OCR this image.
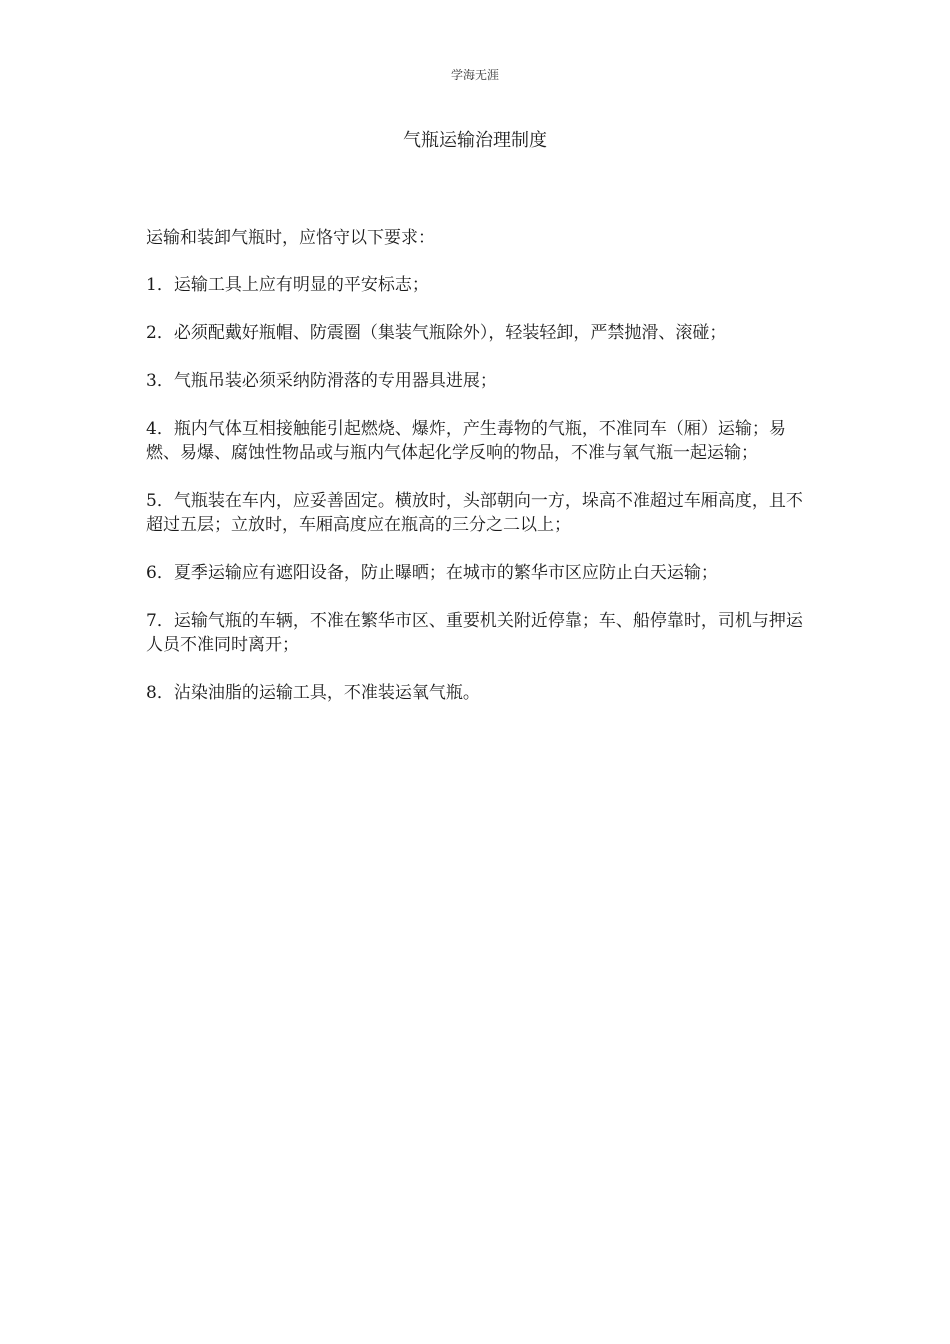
学海无涯
气瓶运输治理制度

运输和装卸气瓶时，应恪守以下要求：

1．运输工具上应有明显的平安标志；

2．必须配戴好瓶帽、防震圈（集装气瓶除外），轻装轻卸，严禁抛滑、滚碰；

3．气瓶吊装必须采纳防滑落的专用器具进展；

4．瓶内气体互相接触能引起燃烧、爆炸，产生毒物的气瓶，不准同车（厢）运输；易燃、易爆、腐蚀性物品或与瓶内气体起化学反响的物品，不准与氧气瓶一起运输；

5．气瓶装在车内，应妥善固定。横放时，头部朝向一方，垛高不准超过车厢高度，且不超过五层；立放时，车厢高度应在瓶高的三分之二以上；

6．夏季运输应有遮阳设备，防止曝晒；在城市的繁华市区应防止白天运输；

7．运输气瓶的车辆，不准在繁华市区、重要机关附近停靠；车、船停靠时，司机与押运人员不准同时离开；

8．沾染油脂的运输工具，不准装运氧气瓶。
